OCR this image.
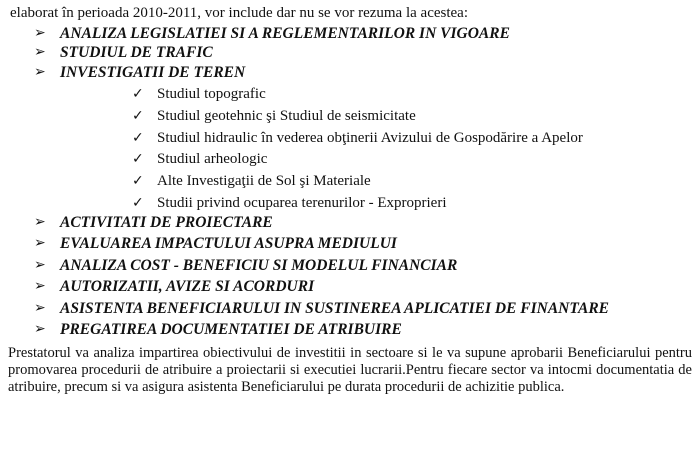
elaborat în perioada 2010-2011, vor include dar nu se vor rezuma la acestea:
➢ ANALIZA LEGISLATIEI SI A REGLEMENTARILOR IN VIGOARE
➢ STUDIUL DE TRAFIC
➢ INVESTIGATII DE TEREN
✓ Studiul topografic
✓ Studiul geotehnic şi Studiul de seismicitate
✓ Studiul hidraulic în vederea obţinerii Avizului de Gospodărire a Apelor
✓ Studiul arheologic
✓ Alte Investigaţii de Sol şi Materiale
✓ Studii privind ocuparea terenurilor - Exproprieri
➢ ACTIVITATI DE PROIECTARE
➢ EVALUAREA IMPACTULUI ASUPRA MEDIULUI
➢ ANALIZA COST - BENEFICIU SI MODELUL FINANCIAR
➢ AUTORIZATII, AVIZE SI ACORDURI
➢ ASISTENTA BENEFICIARULUI IN SUSTINEREA APLICATIEI DE FINANTARE
➢ PREGATIREA DOCUMENTATIEI DE ATRIBUIRE

Prestatorul va analiza impartirea obiectivului de investitii in sectoare si le va supune aprobarii Beneficiarului pentru promovarea procedurii de atribuire a proiectarii si executiei lucrarii.Pentru fiecare sector va intocmi documentatia de atribuire, precum si va asigura asistenta Beneficiarului pe durata procedurii de achizitie publica.
